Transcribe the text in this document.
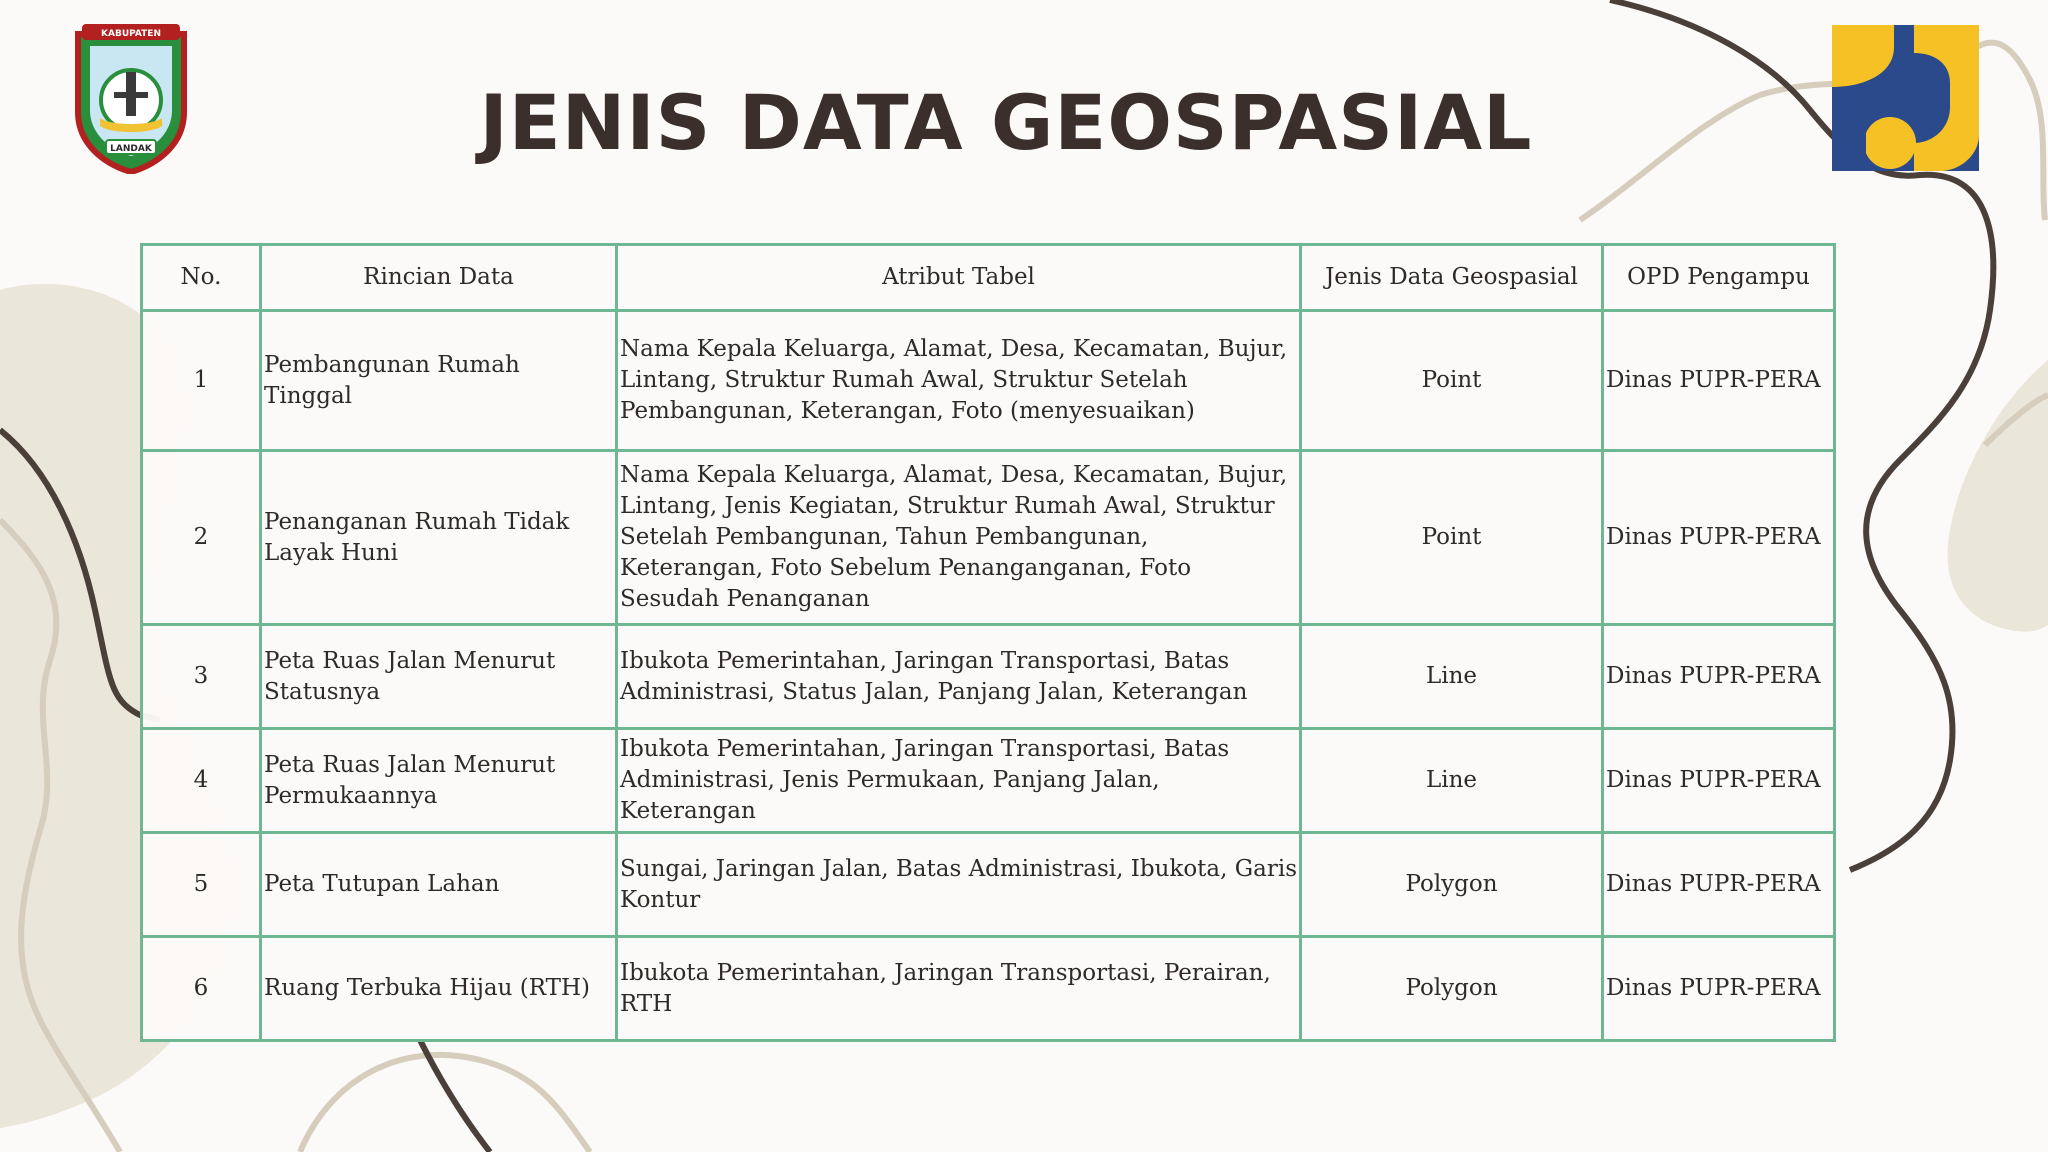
KABUPATEN
LANDAK	JENIS DATA GEOSPASIAL
No.	Rincian Data	Atribut Tabel	Jenis Data Geospasial	OPD Pengampu
1	Pembangunan Rumah Tinggal	Nama Kepala Keluarga, Alamat, Desa, Kecamatan, Bujur, Lintang, Struktur Rumah Awal, Struktur Setelah Pembangunan, Keterangan, Foto (menyesuaikan)	Point	Dinas PUPR-PERA
2	Penanganan Rumah Tidak Layak Huni	Nama Kepala Keluarga, Alamat, Desa, Kecamatan, Bujur, Lintang, Jenis Kegiatan, Struktur Rumah Awal, Struktur Setelah Pembangunan, Tahun Pembangunan, Keterangan, Foto Sebelum Penanganganan, Foto Sesudah Penanganan	Point	Dinas PUPR-PERA
3	Peta Ruas Jalan Menurut Statusnya	Ibukota Pemerintahan, Jaringan Transportasi, Batas Administrasi, Status Jalan, Panjang Jalan, Keterangan	Line	Dinas PUPR-PERA
4	Peta Ruas Jalan Menurut Permukaannya	Ibukota Pemerintahan, Jaringan Transportasi, Batas Administrasi, Jenis Permukaan, Panjang Jalan, Keterangan	Line	Dinas PUPR-PERA
5	Peta Tutupan Lahan	Sungai, Jaringan Jalan, Batas Administrasi, Ibukota, Garis Kontur	Polygon	Dinas PUPR-PERA
6	Ruang Terbuka Hijau (RTH)	Ibukota Pemerintahan, Jaringan Transportasi, Perairan, RTH	Polygon	Dinas PUPR-PERA
